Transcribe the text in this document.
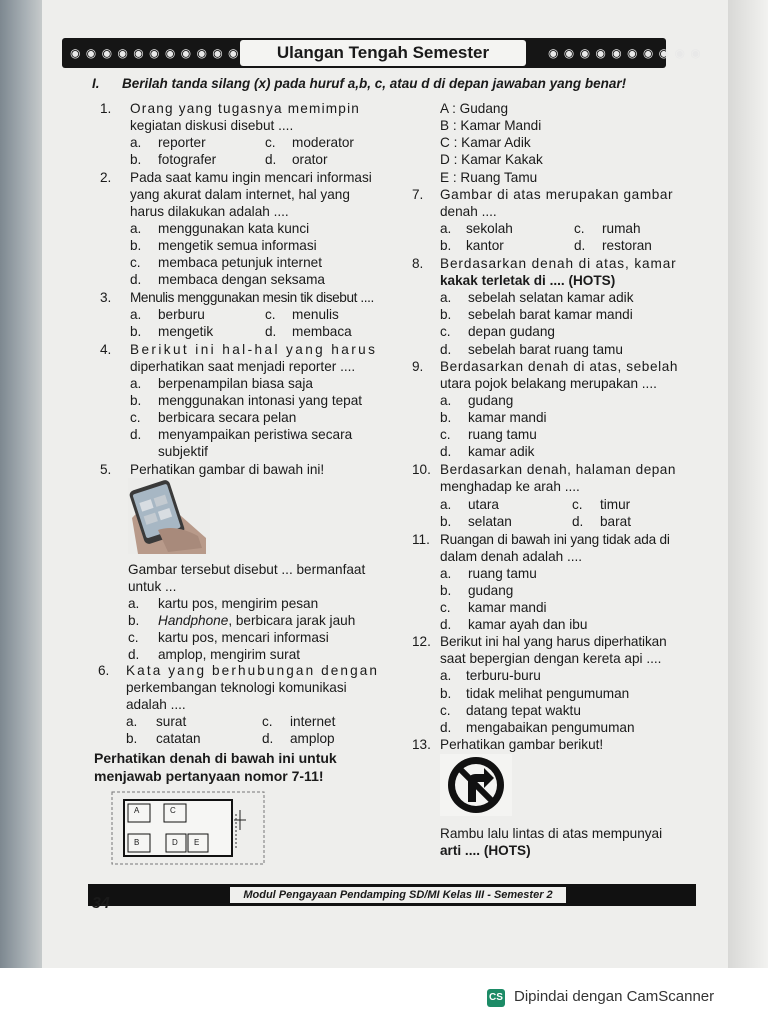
◉ ◉ ◉ ◉ ◉ ◉ ◉ ◉ ◉ ◉ ◉	◉ ◉ ◉ ◉ ◉ ◉ ◉ ◉ ◉ ◉
Ulangan Tengah Semester
I. Berilah tanda silang (x) pada huruf a,b, c, atau d di depan jawaban yang benar!
1. Orang yang tugasnya memimpin
kegiatan diskusi disebut ....
a. reporter	c. moderator
b. fotografer	d. orator
2. Pada saat kamu ingin mencari informasi
yang akurat dalam internet, hal yang
harus dilakukan adalah ....
a. menggunakan kata kunci
b. mengetik semua informasi
c. membaca petunjuk internet
d. membaca dengan seksama
3. Menulis menggunakan mesin tik disebut ....
a. berburu	c. menulis
b. mengetik	d. membaca
4. Berikut ini hal-hal yang harus
diperhatikan saat menjadi reporter ....
a. berpenampilan biasa saja
b. menggunakan intonasi yang tepat
c. berbicara secara pelan
d. menyampaikan peristiwa secara
subjektif
5. Perhatikan gambar di bawah ini!
Gambar tersebut disebut ... bermanfaat
untuk ...
a. kartu pos, mengirim pesan
b. Handphone, berbicara jarak jauh
c. kartu pos, mencari informasi
d. amplop, mengirim surat
6. Kata yang berhubungan dengan
perkembangan teknologi komunikasi
adalah ....
a. surat	c. internet
b. catatan	d. amplop
Perhatikan denah di bawah ini untuk
menjawab pertanyaan nomor 7-11!
A	C
B	D E
A : Gudang
B : Kamar Mandi
C : Kamar Adik
D : Kamar Kakak
E : Ruang Tamu
7. Gambar di atas merupakan gambar
denah ....
a. sekolah	c. rumah
b. kantor	d. restoran
8. Berdasarkan denah di atas, kamar
kakak terletak di .... (HOTS)
a. sebelah selatan kamar adik
b. sebelah barat kamar mandi
c. depan gudang
d. sebelah barat ruang tamu
9. Berdasarkan denah di atas, sebelah
utara pojok belakang merupakan ....
a. gudang
b. kamar mandi
c. ruang tamu
d. kamar adik
10. Berdasarkan denah, halaman depan
menghadap ke arah ....
a. utara	c. timur
b. selatan	d. barat
11. Ruangan di bawah ini yang tidak ada di
dalam denah adalah ....
a. ruang tamu
b. gudang
c. kamar mandi
d. kamar ayah dan ibu
12. Berikut ini hal yang harus diperhatikan
saat bepergian dengan kereta api ....
a. terburu-buru
b. tidak melihat pengumuman
c. datang tepat waktu
d. mengabaikan pengumuman
13. Perhatikan gambar berikut!
Rambu lalu lintas di atas mempunyai
arti .... (HOTS)
Modul Pengayaan Pendamping SD/MI Kelas III - Semester 2
34
CS Dipindai dengan CamScanner
